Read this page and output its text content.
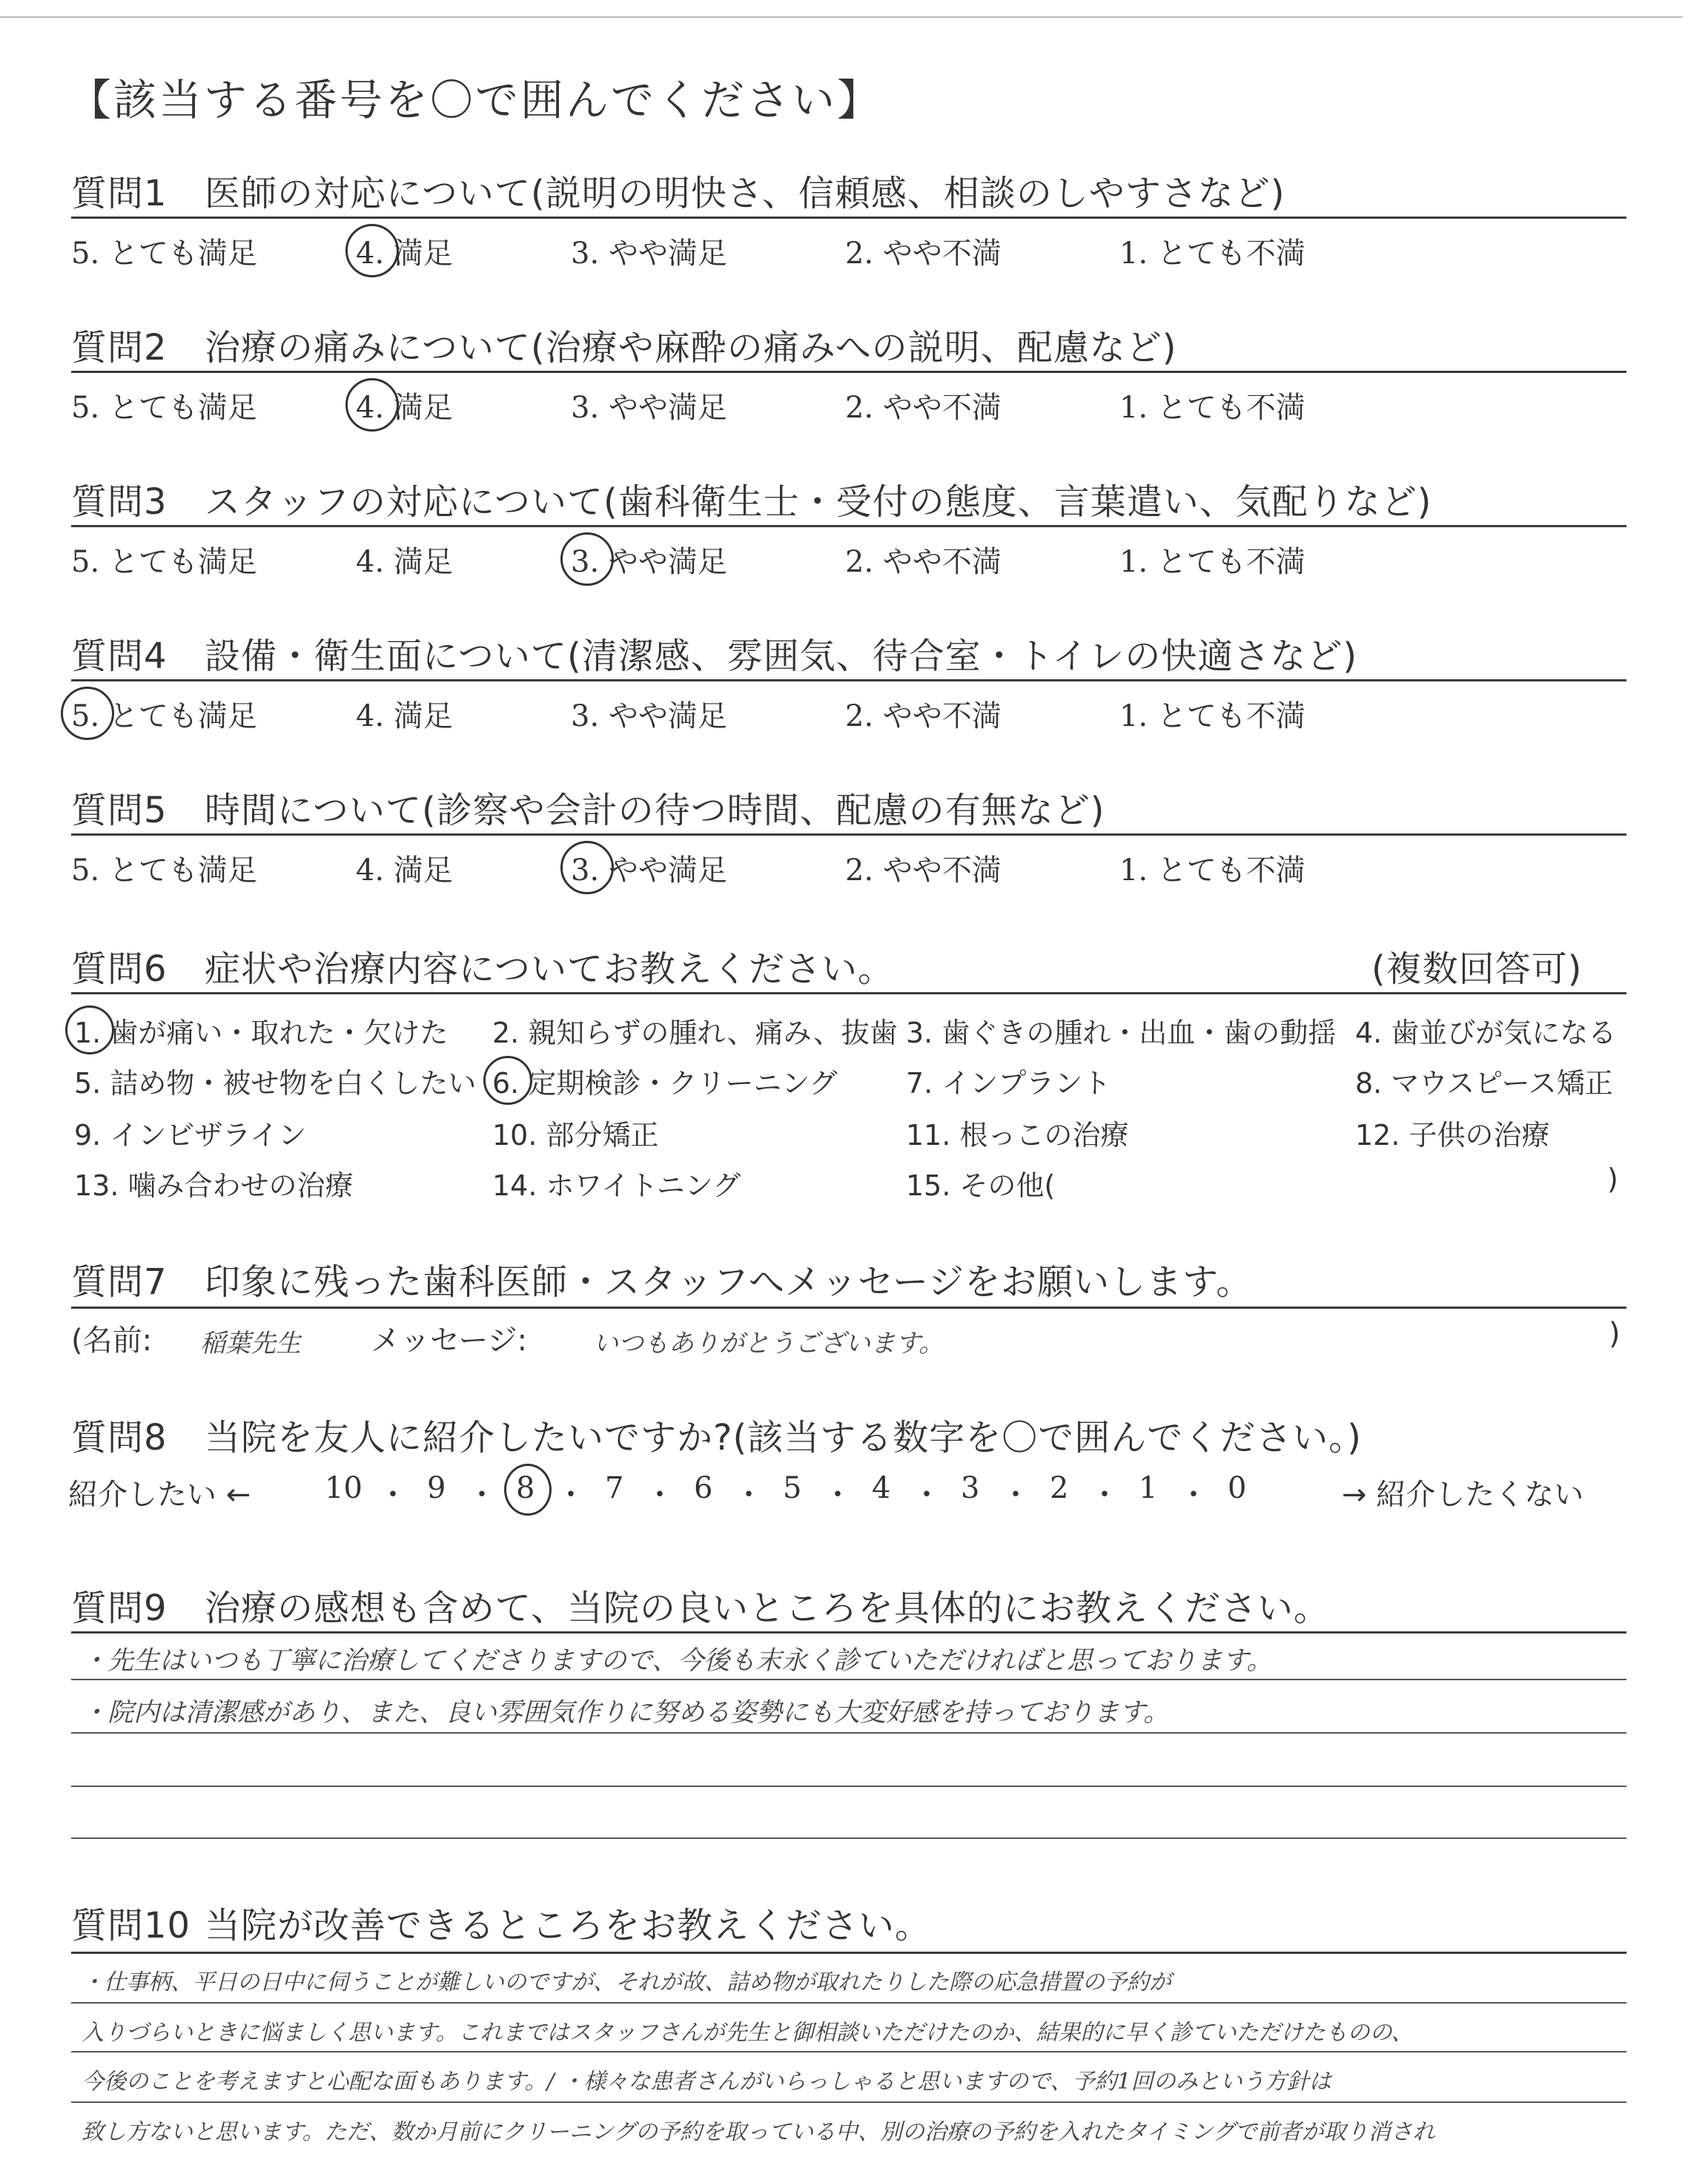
【該当する番号を〇で囲んでください】
質問1 医師の対応について(説明の明快さ、信頼感、相談のしやすさなど)
5. とても満足	4. 満足	3. やや満足	2. やや不満	1. とても不満
質問2 治療の痛みについて(治療や麻酔の痛みへの説明、配慮など)
5. とても満足	4. 満足	3. やや満足	2. やや不満	1. とても不満
質問3 スタッフの対応について(歯科衛生士・受付の態度、言葉遣い、気配りなど)
5. とても満足	4. 満足	3. やや満足	2. やや不満	1. とても不満
質問4 設備・衛生面について(清潔感、雰囲気、待合室・トイレの快適さなど)
5. とても満足	4. 満足	3. やや満足	2. やや不満	1. とても不満
質問5 時間について(診察や会計の待つ時間、配慮の有無など)
5. とても満足	4. 満足	3. やや満足	2. やや不満	1. とても不満
質問6 症状や治療内容についてお教えください。	(複数回答可)
1. 歯が痛い・取れた・欠けた 2. 親知らずの腫れ、痛み、抜歯 3. 歯ぐきの腫れ・出血・歯の動揺 4. 歯並びが気になる
5. 詰め物・被せ物を白くしたい 6. 定期検診・クリーニング 7. インプラント	8. マウスピース矯正
9. インビザライン	10. 部分矯正	11. 根っこの治療	12. 子供の治療
13. 噛み合わせの治療	14. ホワイトニング	15. その他(	)
質問7 印象に残った歯科医師・スタッフへメッセージをお願いします。
(名前: 稲葉先生 メッセージ:	いつもありがとうございます。	)
質問8 当院を友人に紹介したいですか?(該当する数字を〇で囲んでください。)
紹介したい ← 10 ・ 9 ・ 8 ・ 7 ・ 6 ・ 5 ・ 4 ・ 3 ・ 2 ・ 1 ・ 0	→ 紹介したくない
質問9 治療の感想も含めて、当院の良いところを具体的にお教えください。
・先生はいつも丁寧に治療してくださりますので、今後も末永く診ていただければと思っております。
・院内は清潔感があり、また、良い雰囲気作りに努める姿勢にも大変好感を持っております。
質問10 当院が改善できるところをお教えください。
・仕事柄、平日の日中に伺うことが難しいのですが、それが故、詰め物が取れたりした際の応急措置の予約が
入りづらいときに悩ましく思います。これまではスタッフさんが先生と御相談いただけたのか、結果的に早く診ていただけたものの、
今後のことを考えますと心配な面もあります。/ ・様々な患者さんがいらっしゃると思いますので、予約1回のみという方針は
致し方ないと思います。ただ、数か月前にクリーニングの予約を取っている中、別の治療の予約を入れたタイミングで前者が取り消され
